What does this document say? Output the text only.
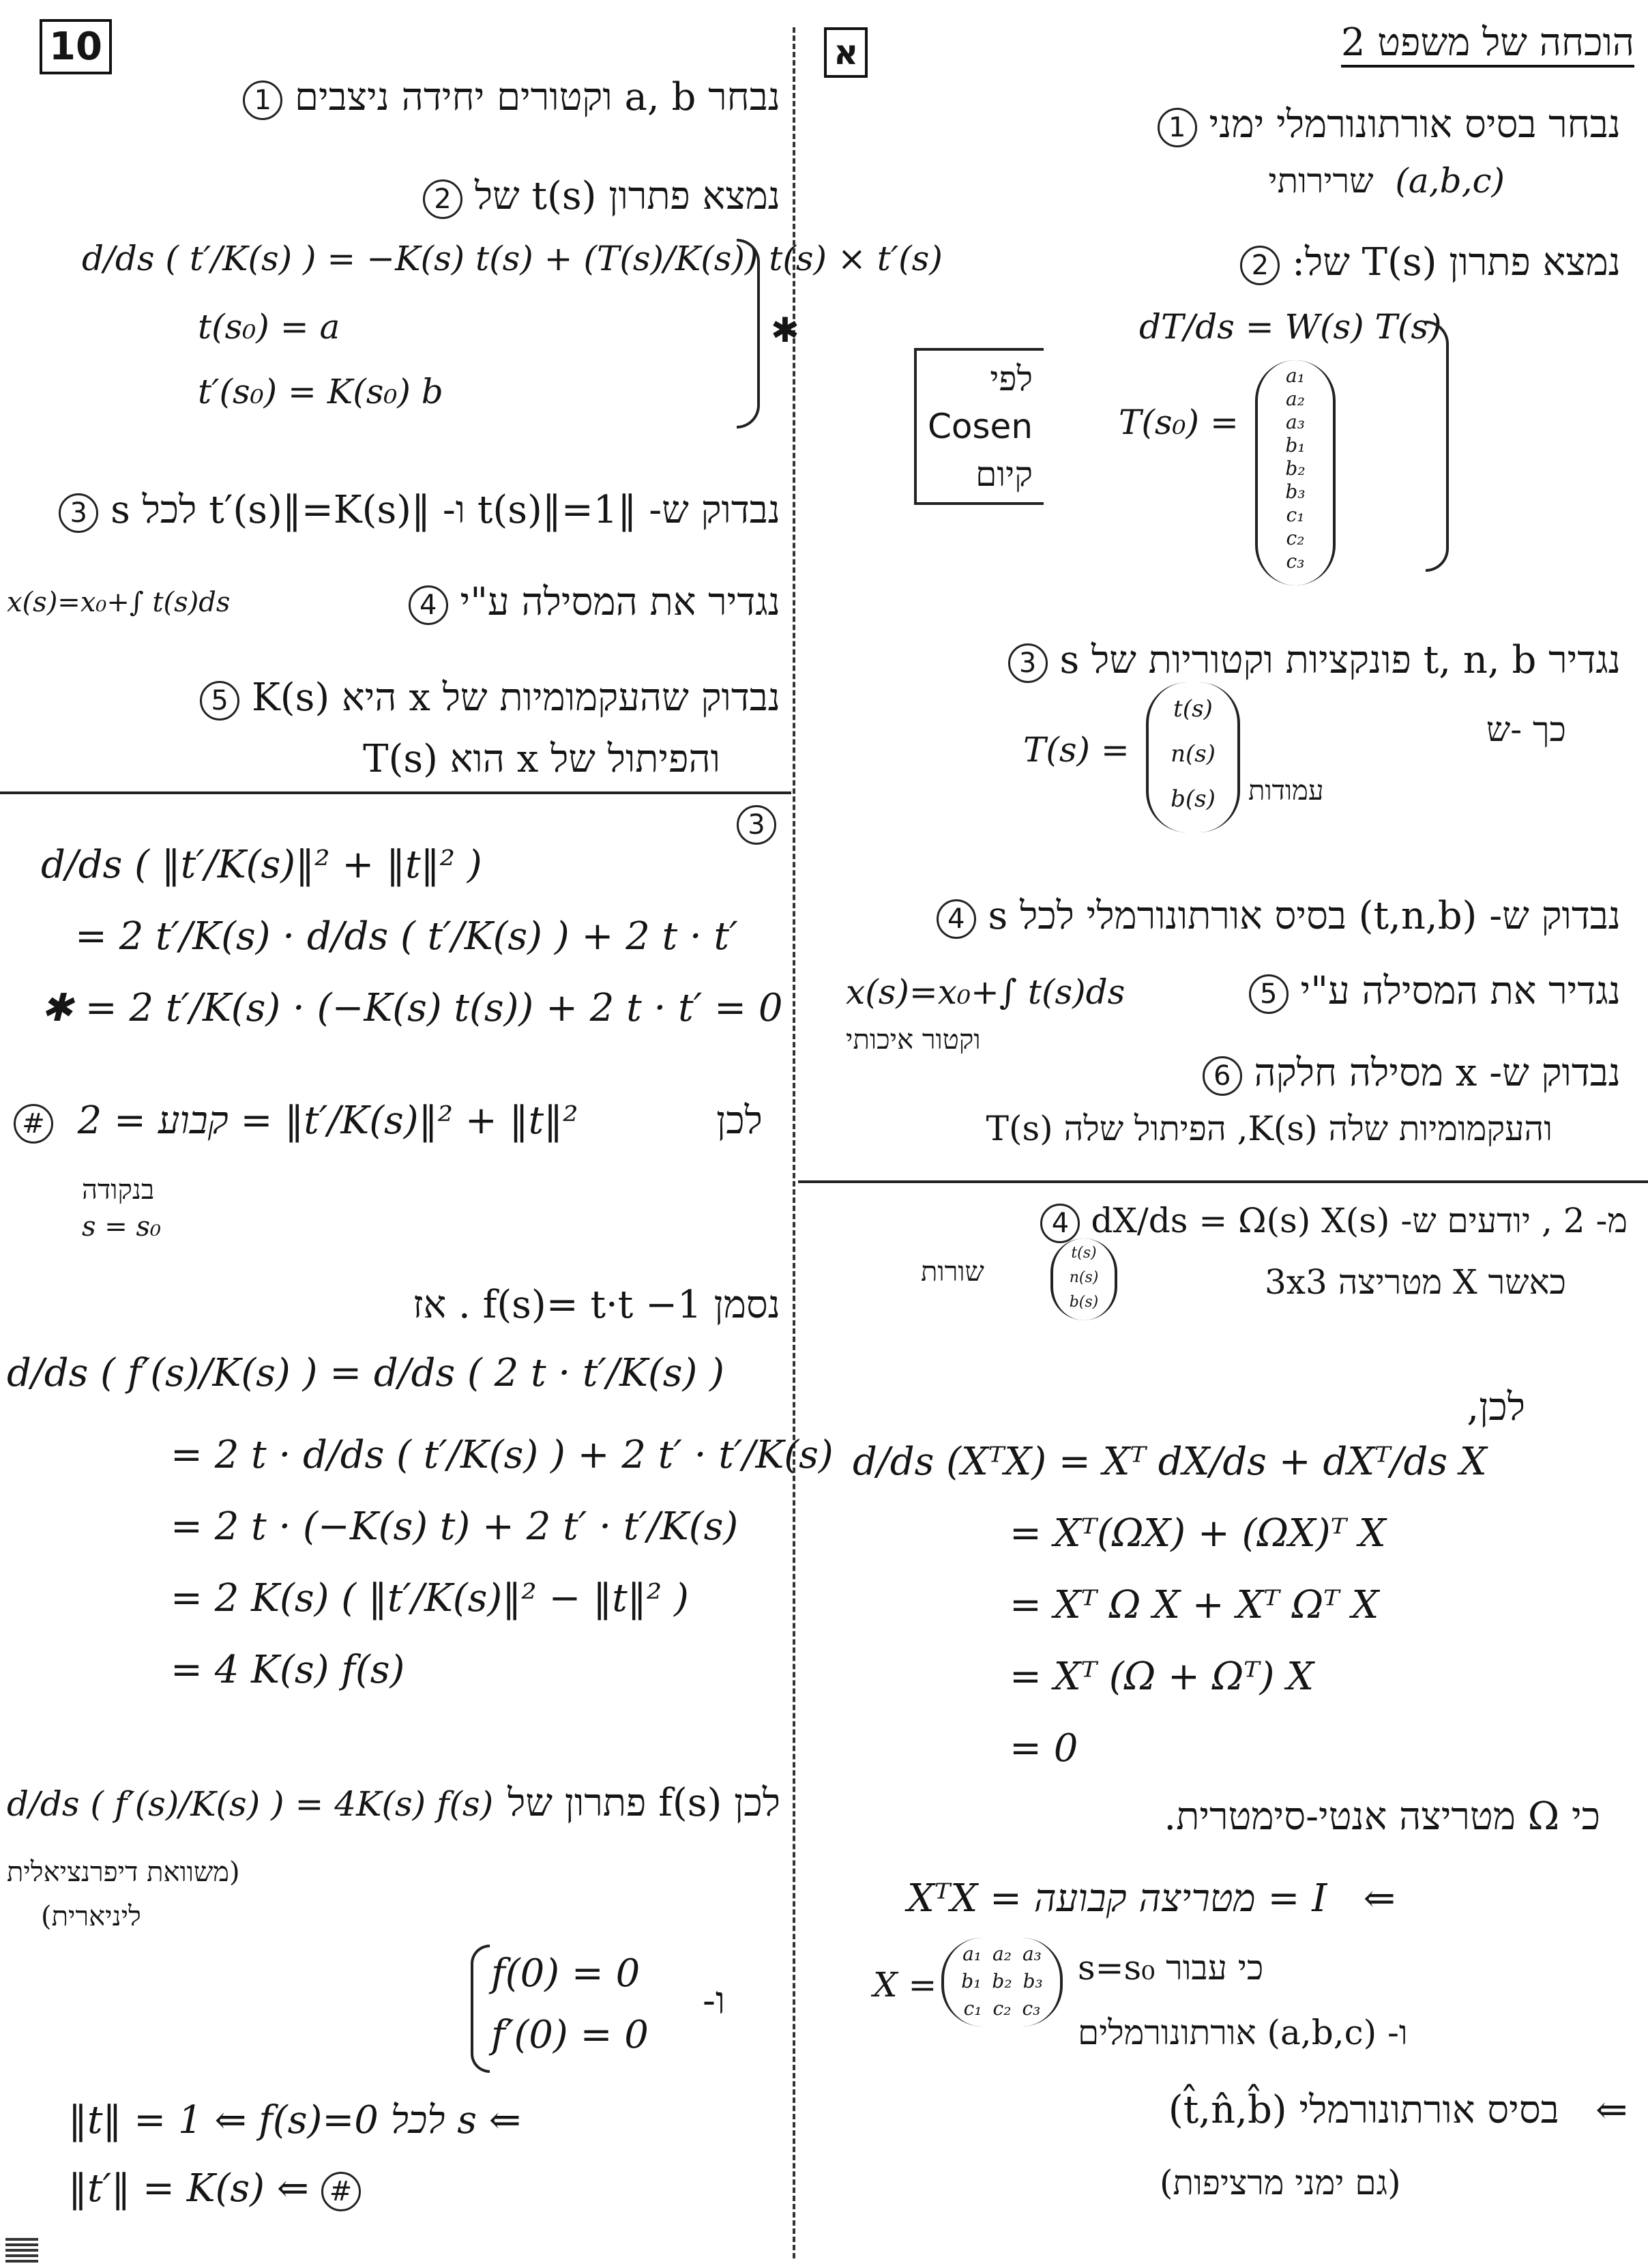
10	א	הוכחה של משפט 2
נבחר בסיס אורתונורמלי ימני 1
(a,b,c)  שרירותי
נמצא פתרון T(s) של: 2
dT/ds = W(s) T(s)
T(s₀) =
a₁
a₂
a₃
b₁
b₂
b₃
c₁
c₂
c₃
לפי
Cosen
קיום
נגדיר t, n, b פונקציות וקטוריות של s 3
כך -ש
T(s) =
t(s)
n(s)
b(s)	עמודות
נבדוק ש- (t,n,b) בסיס אורתונורמלי לכל s 4
נגדיר את המסילה ע"י 5
x(s)=x₀+∫ t(s)ds
וקטור איכותי
נבדוק ש- x מסילה חלקה 6
והעקמומיות שלה K(s), הפיתול שלה T(s)
מ- 2 , יודעים ש- dX/ds = Ω(s) X(s) 4
כאשר X מטריצה 3x3
t(s)
n(s)
b(s)
שורות
לכן,
d/ds (XᵀX) = Xᵀ dX/ds + dXᵀ/ds X
= Xᵀ(ΩX) + (ΩX)ᵀ X
= Xᵀ Ω X + Xᵀ Ωᵀ X
= Xᵀ (Ω + Ωᵀ) X
= 0
כי Ω מטריצה אנטי-סימטרית.
XᵀX = מטריצה קבועה = I ⇐
X =
a₁ a₂ a₃
b₁ b₂ b₃
c₁ c₂ c₃
כי עבור s=s₀
ו- (a,b,c) אורתונורמלים
(t̂,n̂,b̂) בסיס אורתונורמלי ⇐
(גם ימני מרציפות)
נבחר a, b וקטורים יחידה ניצבים 1
נמצא פתרון t(s) של 2
d/ds ( t′/K(s) ) = −K(s) t(s) + (T(s)/K(s)) t(s) × t′(s)
t(s₀) = a
t′(s₀) = K(s₀) b
✱
נבדוק ש- ‖t(s)‖=1 ו- ‖t′(s)‖=K(s) לכל s 3
נגדיר את המסילה ע"י 4
x(s)=x₀+∫ t(s)ds
נבדוק שהעקמומיות של x היא K(s) 5
והפיתול של x הוא T(s)
3
d/ds ( ‖t′/K(s)‖² + ‖t‖² )
= 2 t′/K(s) · d/ds ( t′/K(s) ) + 2 t · t′
✱ = 2 t′/K(s) · (−K(s) t(s)) + 2 t · t′ = 0
# 2 = קבוע = ‖t′/K(s)‖² + ‖t‖²	לכן
בנקודה
s = s₀
נסמן f(s)= t·t −1 . אז
d/ds ( f′(s)/K(s) ) = d/ds ( 2 t · t′/K(s) )
= 2 t · d/ds ( t′/K(s) ) + 2 t′ · t′/K(s)
= 2 t · (−K(s) t) + 2 t′ · t′/K(s)
= 2 K(s) ( ‖t′/K(s)‖² − ‖t‖² )
= 4 K(s) f(s)
לכן f(s) פתרון של
d/ds ( f′(s)/K(s) ) = 4K(s) f(s)
(משוואת דיפרנציאלית
ליניארית)
ו-
f(0) = 0
f′(0) = 0
‖t‖ = 1 ⇐ f(s)=0 לכל s ⇐
‖t′‖ = K(s) ⇐ #
